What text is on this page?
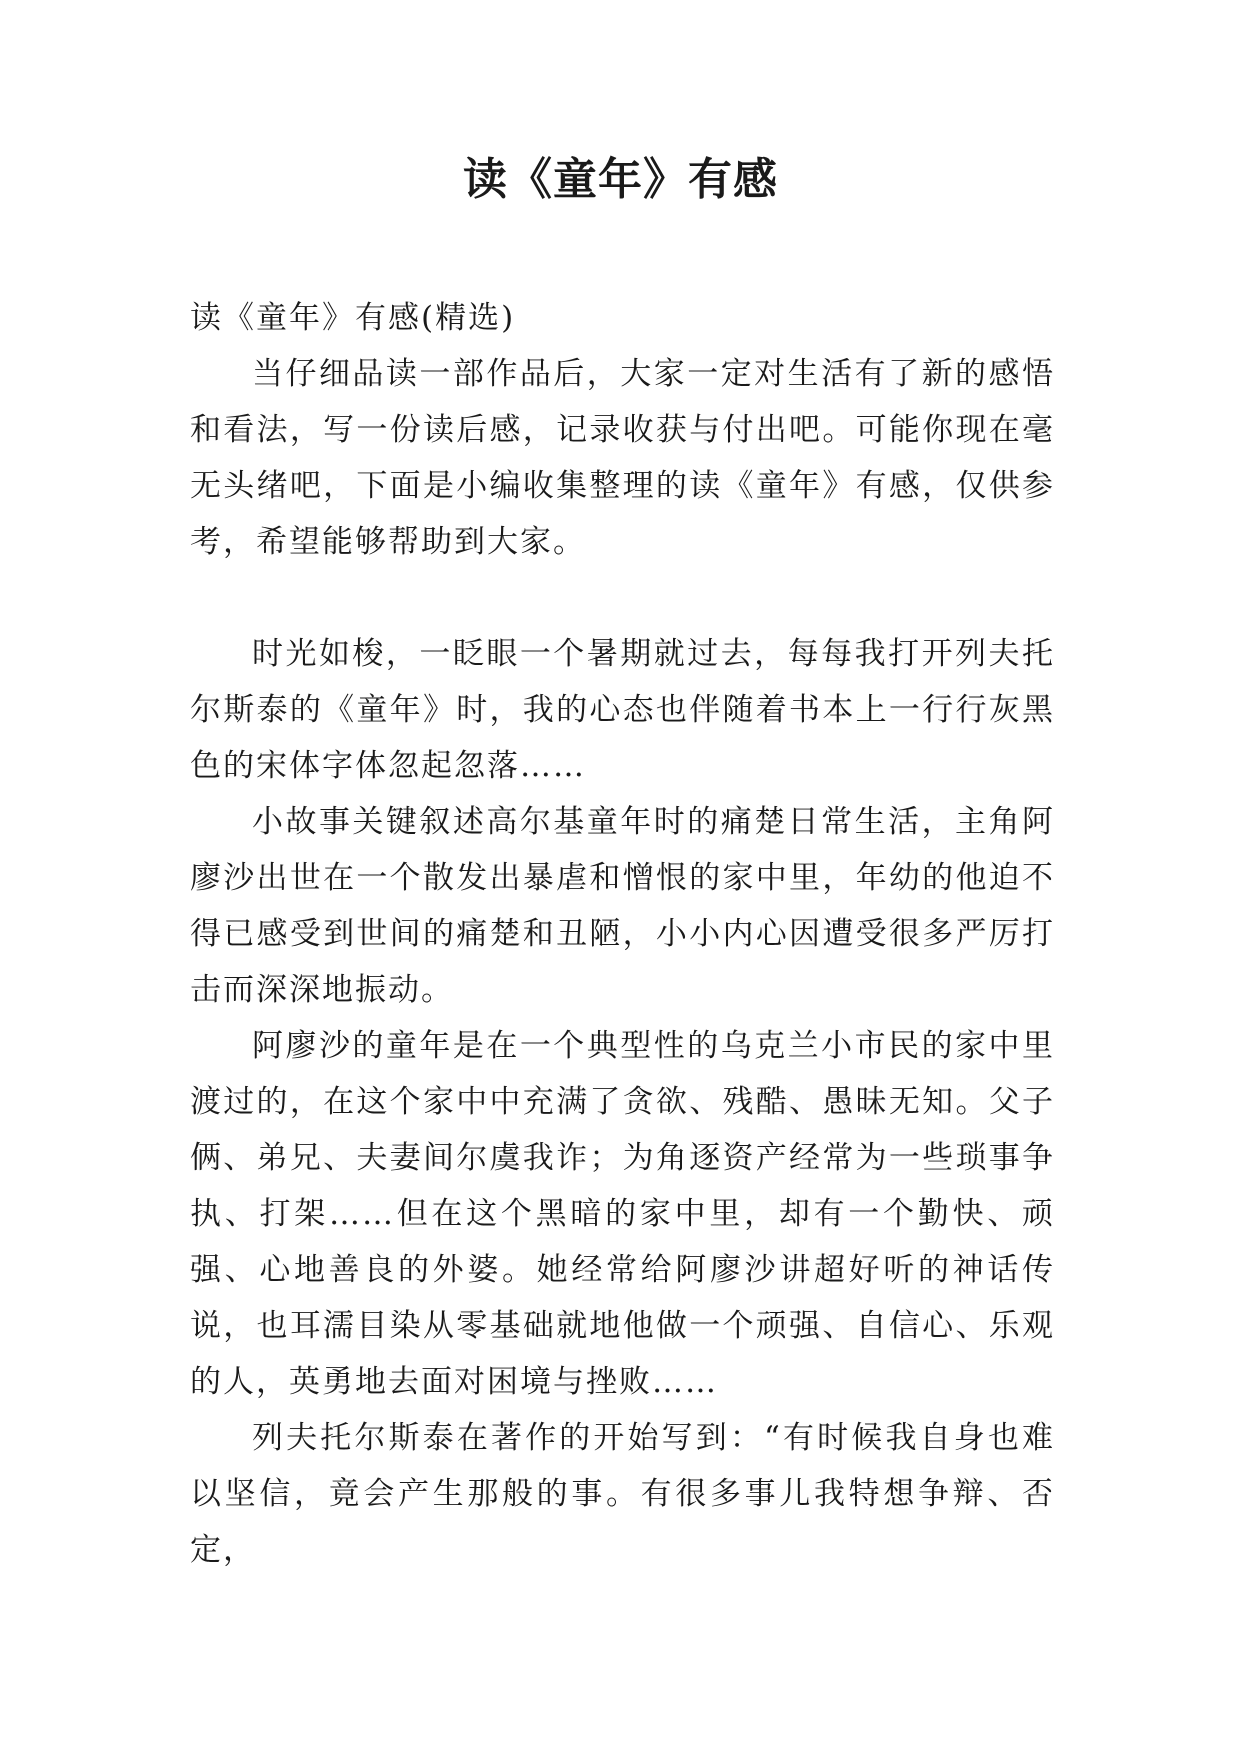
读《童年》有感

读《童年》有感(精选)

当仔细品读一部作品后，大家一定对生活有了新的感悟和看法，写一份读后感，记录收获与付出吧。可能你现在毫无头绪吧，下面是小编收集整理的读《童年》有感，仅供参考，希望能够帮助到大家。

时光如梭，一眨眼一个暑期就过去，每每我打开列夫托尔斯泰的《童年》时，我的心态也伴随着书本上一行行灰黑色的宋体字体忽起忽落……

小故事关键叙述高尔基童年时的痛楚日常生活，主角阿廖沙出世在一个散发出暴虐和憎恨的家中里，年幼的他迫不得已感受到世间的痛楚和丑陋，小小内心因遭受很多严厉打击而深深地振动。

阿廖沙的童年是在一个典型性的乌克兰小市民的家中里渡过的，在这个家中中充满了贪欲、残酷、愚昧无知。父子俩、弟兄、夫妻间尔虞我诈；为角逐资产经常为一些琐事争执、打架……但在这个黑暗的家中里，却有一个勤快、顽强、心地善良的外婆。她经常给阿廖沙讲超好听的神话传说，也耳濡目染从零基础就地他做一个顽强、自信心、乐观的人，英勇地去面对困境与挫败……

列夫托尔斯泰在著作的开始写到：“有时候我自身也难以坚信，竟会产生那般的事。有很多事儿我特想争辩、否定，
